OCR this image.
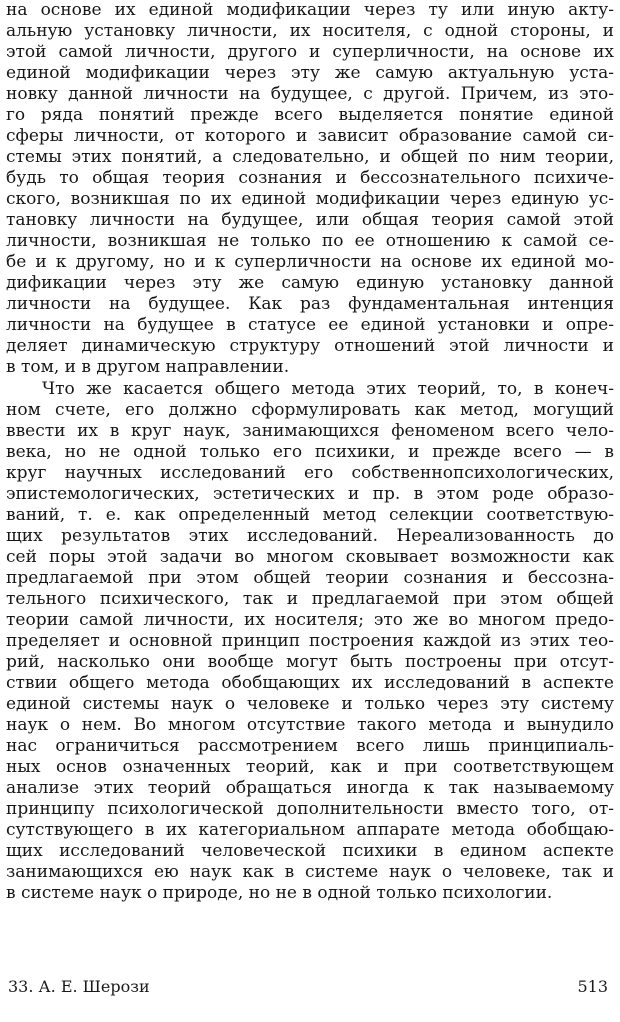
на основе их единой модификации через ту или иную акту-
альную установку личности, их носителя, с одной стороны, и
этой самой личности, другого и суперличности, на основе их
единой модификации через эту же самую актуальную уста-
новку данной личности на будущее, с другой. Причем, из это-
го ряда понятий прежде всего выделяется понятие единой
сферы личности, от которого и зависит образование самой си-
стемы этих понятий, а следовательно, и общей по ним теории,
будь то общая теория сознания и бессознательного психиче-
ского, возникшая по их единой модификации через единую ус-
тановку личности на будущее, или общая теория самой этой
личности, возникшая не только по ее отношению к самой се-
бе и к другому, но и к суперличности на основе их единой мо-
дификации через эту же самую единую установку данной
личности на будущее. Как раз фундаментальная интенция
личности на будущее в статусе ее единой установки и опре-
деляет динамическую структуру отношений этой личности и
в том, и в другом направлении.
Что же касается общего метода этих теорий, то, в конеч-
ном счете, его должно сформулировать как метод, могущий
ввести их в круг наук, занимающихся феноменом всего чело-
века, но не одной только его психики, и прежде всего — в
круг научных исследований его собственнопсихологических,
эпистемологических, эстетических и пр. в этом роде образо-
ваний, т. е. как определенный метод селекции соответствую-
щих результатов этих исследований. Нереализованность до
сей поры этой задачи во многом сковывает возможности как
предлагаемой при этом общей теории сознания и бессозна-
тельного психического, так и предлагаемой при этом общей
теории самой личности, их носителя; это же во многом предо-
пределяет и основной принцип построения каждой из этих тео-
рий, насколько они вообще могут быть построены при отсут-
ствии общего метода обобщающих их исследований в аспекте
единой системы наук о человеке и только через эту систему
наук о нем. Во многом отсутствие такого метода и вынудило
нас ограничиться рассмотрением всего лишь принципиаль-
ных основ означенных теорий, как и при соответствующем
анализе этих теорий обращаться иногда к так называемому
принципу психологической дополнительности вместо того, от-
сутствующего в их категориальном аппарате метода обобщаю-
щих исследований человеческой психики в едином аспекте
занимающихся ею наук как в системе наук о человеке, так и
в системе наук о природе, но не в одной только психологии.
33. А. Е. Шерози	513
